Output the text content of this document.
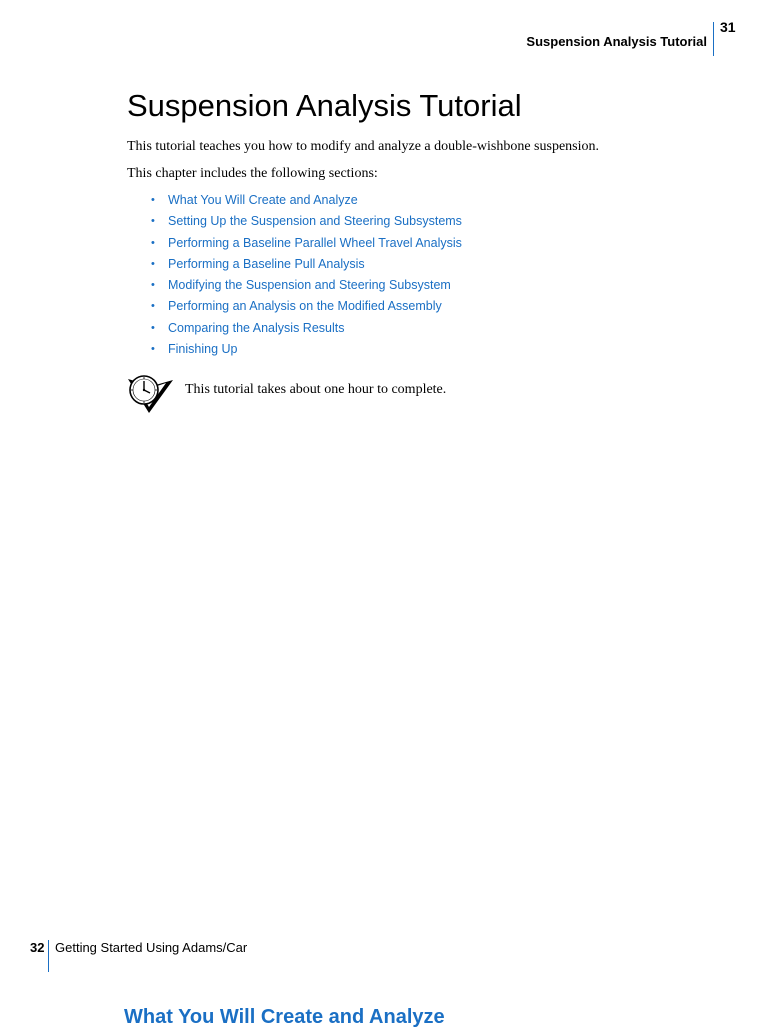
Suspension Analysis Tutorial
31
Suspension Analysis Tutorial

This tutorial teaches you how to modify and analyze a double-wishbone suspension.

This chapter includes the following sections:

• What You Will Create and Analyze
• Setting Up the Suspension and Steering Subsystems
• Performing a Baseline Parallel Wheel Travel Analysis
• Performing a Baseline Pull Analysis
• Modifying the Suspension and Steering Subsystem
• Performing an Analysis on the Modified Assembly
• Comparing the Analysis Results
• Finishing Up

This tutorial takes about one hour to complete.

32 Getting Started Using Adams/Car
What You Will Create and Analyze
